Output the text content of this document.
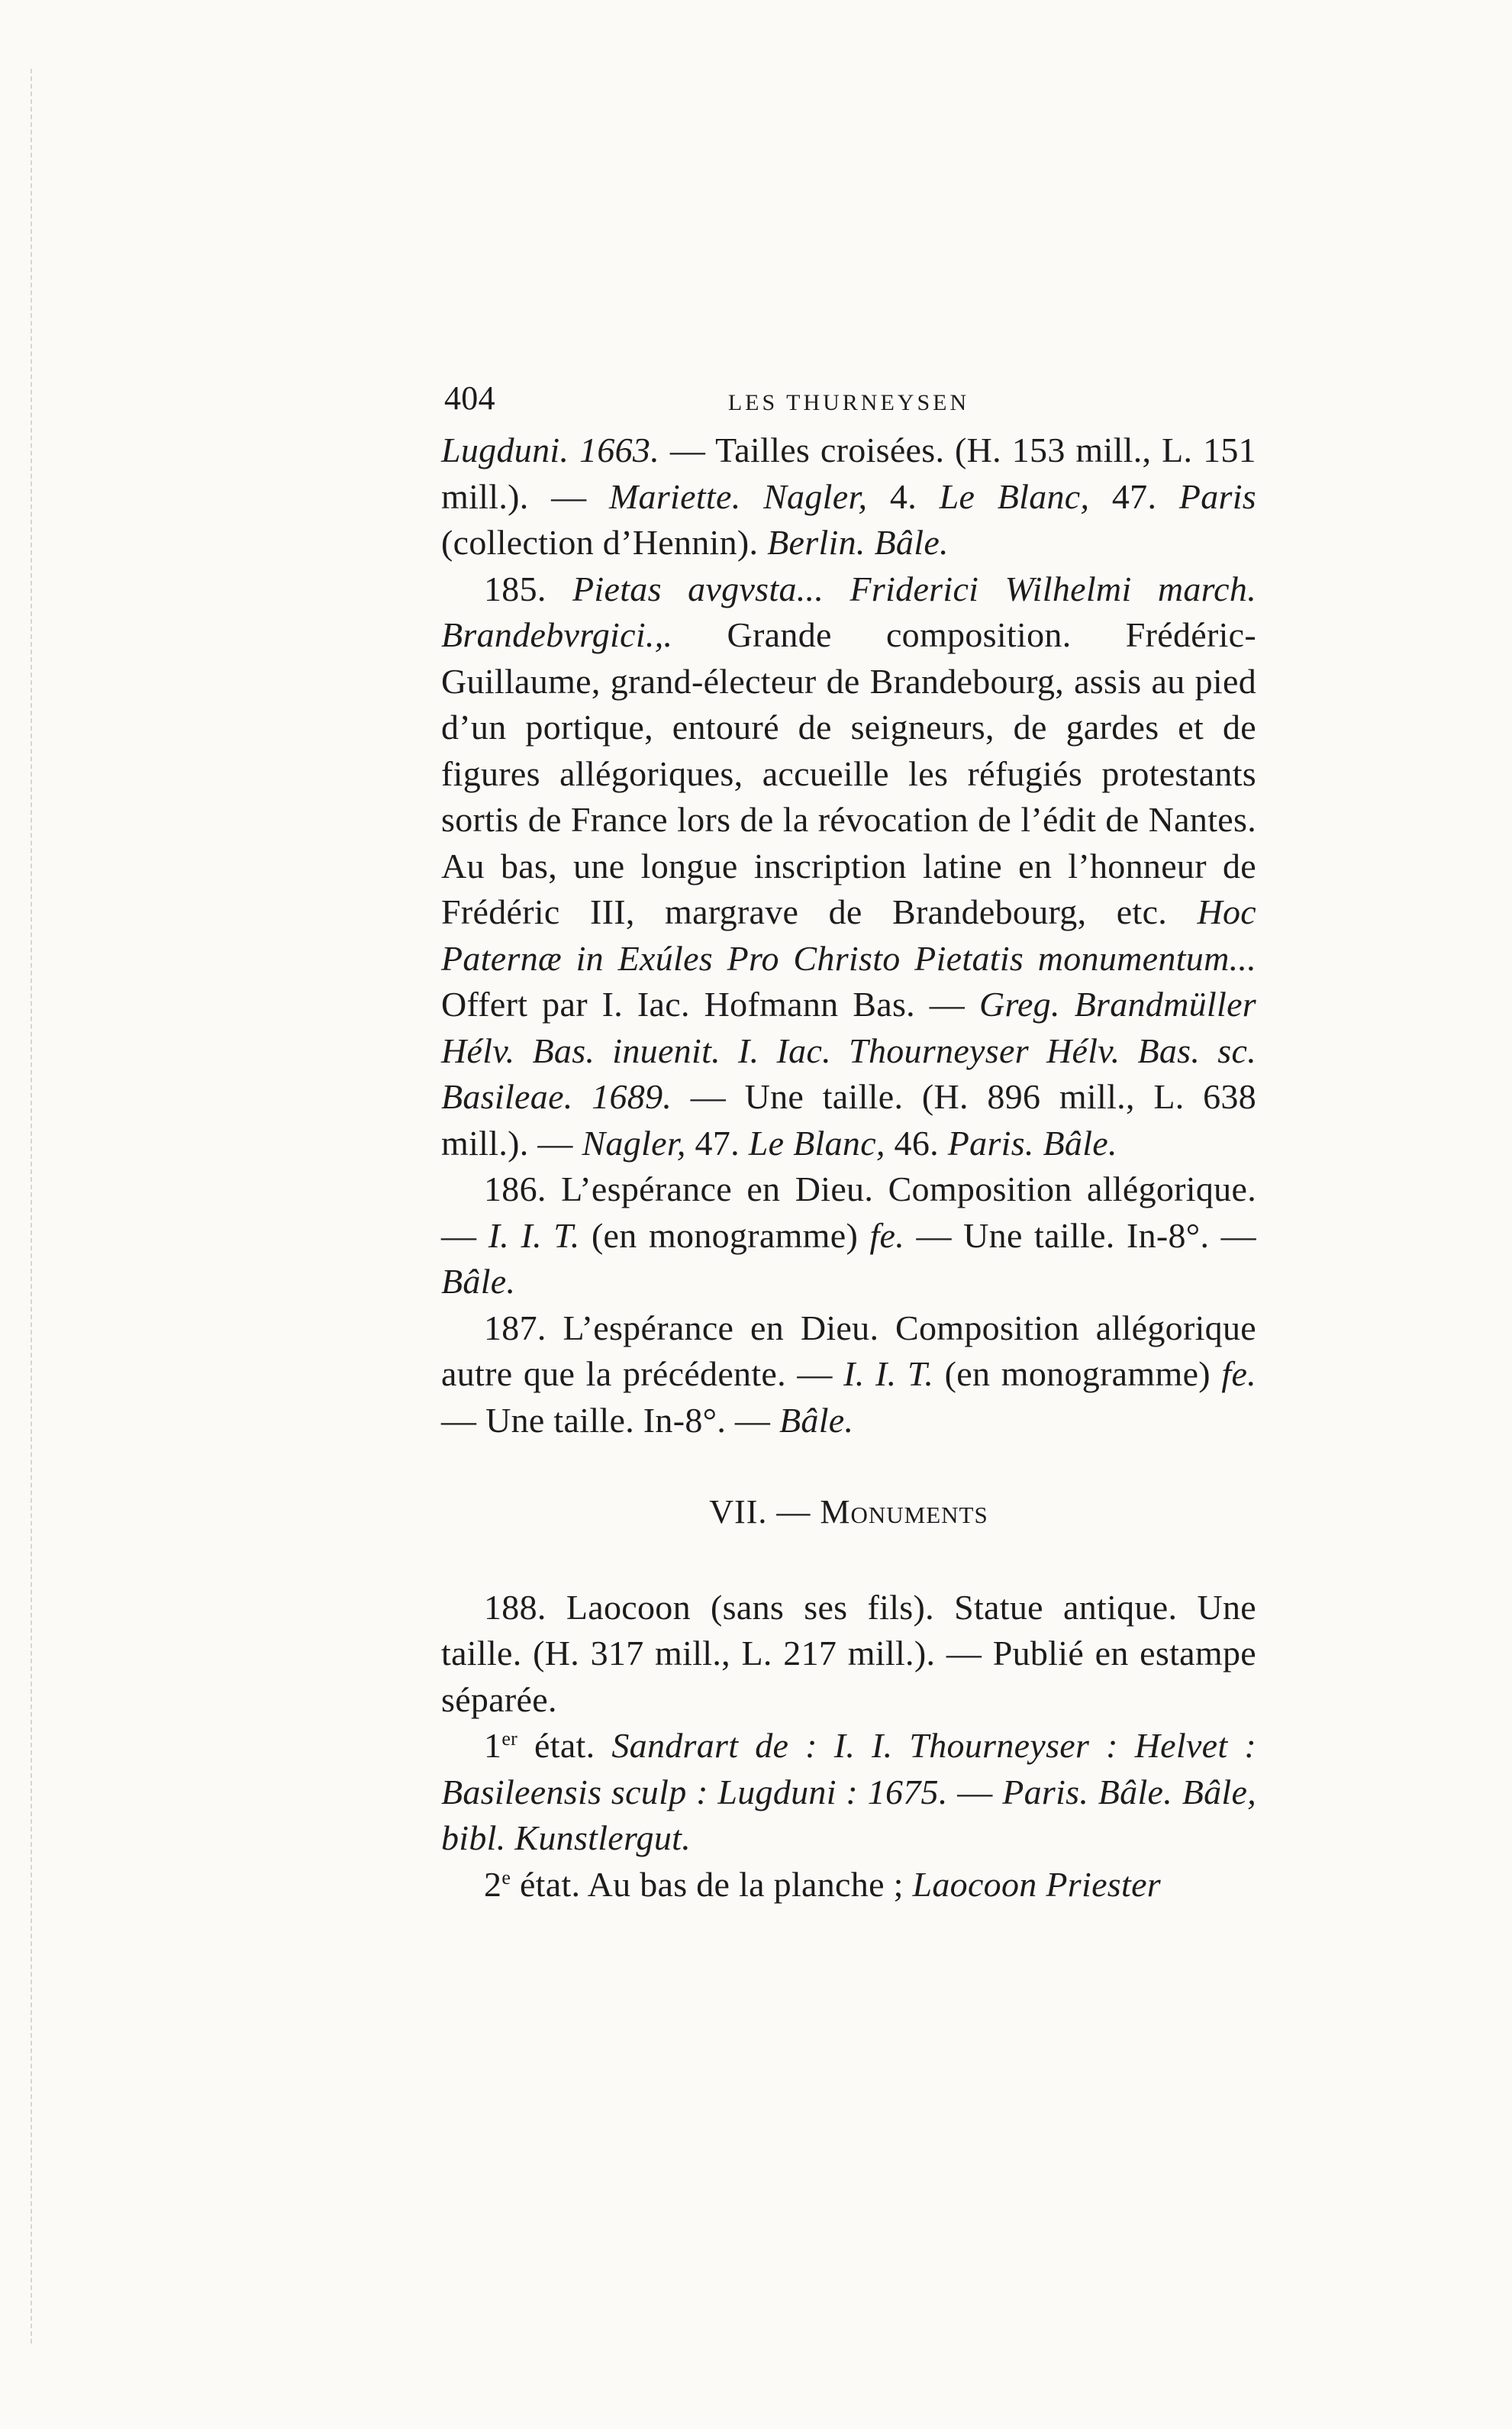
404	LES THURNEYSEN

Lugduni. 1663. — Tailles croisées. (H. 153 mill., L. 151 mill.). — Mariette. Nagler, 4. Le Blanc, 47. Paris (collection d’Hennin). Berlin. Bâle.

185. Pietas avgvsta... Friderici Wilhelmi march. Brandebvrgici.,. Grande composition. Frédéric-Guillaume, grand-électeur de Brandebourg, assis au pied d’un portique, entouré de seigneurs, de gardes et de figures allégoriques, accueille les réfugiés protestants sortis de France lors de la révocation de l’édit de Nantes. Au bas, une longue inscription latine en l’honneur de Frédéric III, margrave de Brandebourg, etc. Hoc Paternæ in Exúles Pro Christo Pietatis monumentum... Offert par I. Iac. Hofmann Bas. — Greg. Brandmüller Hélv. Bas. inuenit. I. Iac. Thourneyser Hélv. Bas. sc. Basileae. 1689. — Une taille. (H. 896 mill., L. 638 mill.). — Nagler, 47. Le Blanc, 46. Paris. Bâle.

186. L’espérance en Dieu. Composition allégorique. — I. I. T. (en monogramme) fe. — Une taille. In-8°. — Bâle.

187. L’espérance en Dieu. Composition allégorique autre que la précédente. — I. I. T. (en monogramme) fe. — Une taille. In-8°. — Bâle.

VII. — Monuments

188. Laocoon (sans ses fils). Statue antique. Une taille. (H. 317 mill., L. 217 mill.). — Publié en estampe séparée.

1er état. Sandrart de : I. I. Thourneyser : Helvet : Basileensis sculp : Lugduni : 1675. — Paris. Bâle. Bâle, bibl. Kunstlergut.

2e état. Au bas de la planche ; Laocoon Priester
